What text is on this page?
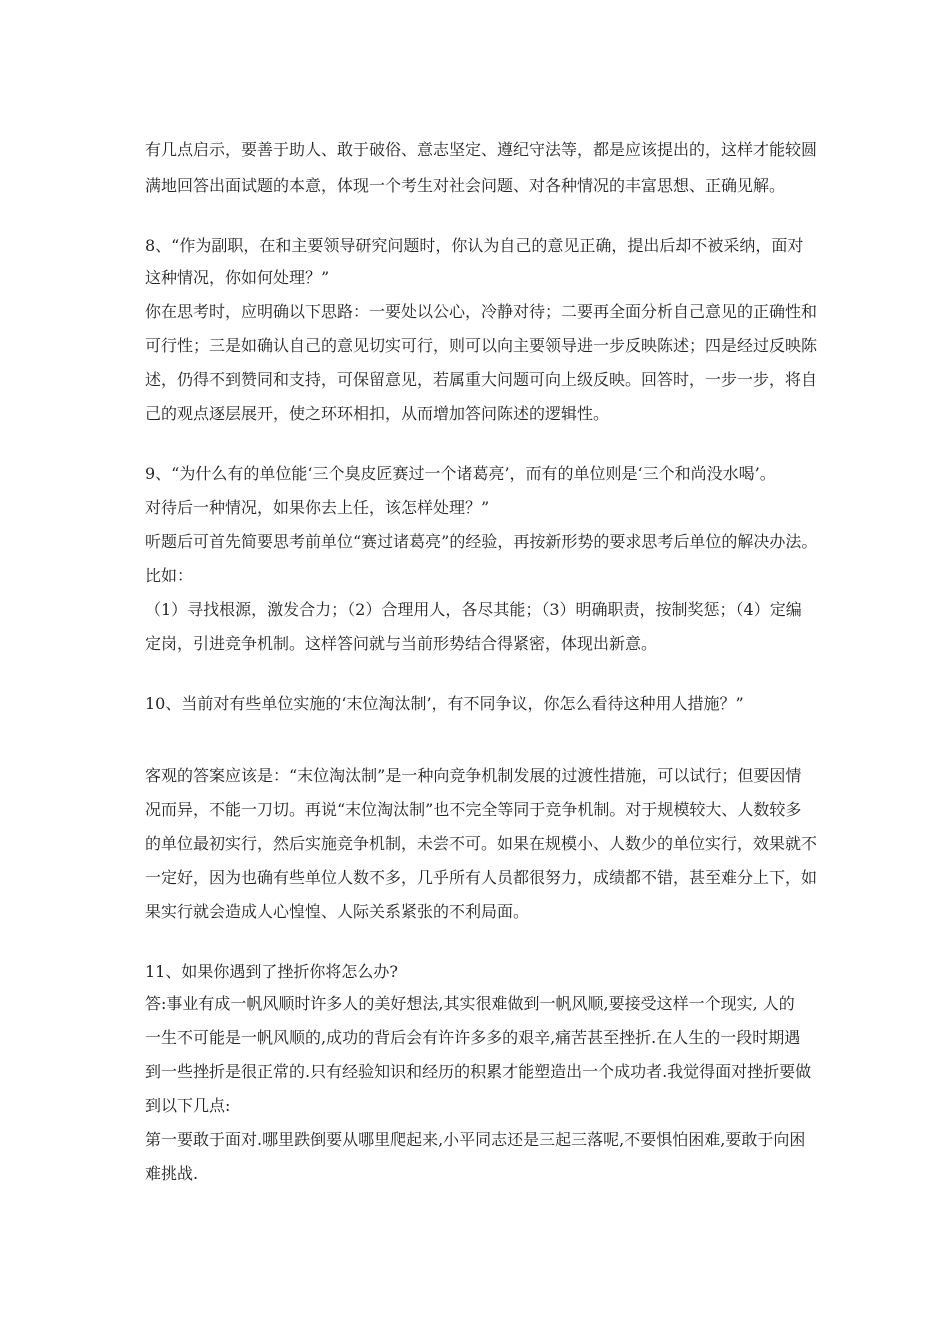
有几点启示，要善于助人、敢于破俗、意志坚定、遵纪守法等，都是应该提出的，这样才能较圆
满地回答出面试题的本意，体现一个考生对社会问题、对各种情况的丰富思想、正确见解。
8、“作为副职，在和主要领导研究问题时，你认为自己的意见正确，提出后却不被采纳，面对
这种情况，你如何处理？”
你在思考时，应明确以下思路：一要处以公心，冷静对待；二要再全面分析自己意见的正确性和
可行性；三是如确认自己的意见切实可行，则可以向主要领导进一步反映陈述；四是经过反映陈
述，仍得不到赞同和支持，可保留意见，若属重大问题可向上级反映。回答时，一步一步，将自
己的观点逐层展开，使之环环相扣，从而增加答问陈述的逻辑性。
9、“为什么有的单位能‘三个臭皮匠赛过一个诸葛亮’，而有的单位则是‘三个和尚没水喝’。
对待后一种情况，如果你去上任，该怎样处理？”
听题后可首先简要思考前单位“赛过诸葛亮”的经验，再按新形势的要求思考后单位的解决办法。
比如：
（1）寻找根源，激发合力；（2）合理用人，各尽其能；（3）明确职责，按制奖惩；（4）定编
定岗，引进竞争机制。这样答问就与当前形势结合得紧密，体现出新意。
10、当前对有些单位实施的‘末位淘汰制’，有不同争议，你怎么看待这种用人措施？”
客观的答案应该是：“末位淘汰制”是一种向竞争机制发展的过渡性措施，可以试行；但要因情
况而异，不能一刀切。再说“末位淘汰制”也不完全等同于竞争机制。对于规模较大、人数较多
的单位最初实行，然后实施竞争机制，未尝不可。如果在规模小、人数少的单位实行，效果就不
一定好，因为也确有些单位人数不多，几乎所有人员都很努力，成绩都不错，甚至难分上下，如
果实行就会造成人心惶惶、人际关系紧张的不利局面。
11、如果你遇到了挫折你将怎么办?
答:事业有成一帆风顺时许多人的美好想法,其实很难做到一帆风顺,要接受这样一个现实, 人的
一生不可能是一帆风顺的,成功的背后会有许许多多的艰辛,痛苦甚至挫折.在人生的一段时期遇
到一些挫折是很正常的.只有经验知识和经历的积累才能塑造出一个成功者.我觉得面对挫折要做
到以下几点:
第一要敢于面对.哪里跌倒要从哪里爬起来,小平同志还是三起三落呢,不要惧怕困难,要敢于向困
难挑战.
